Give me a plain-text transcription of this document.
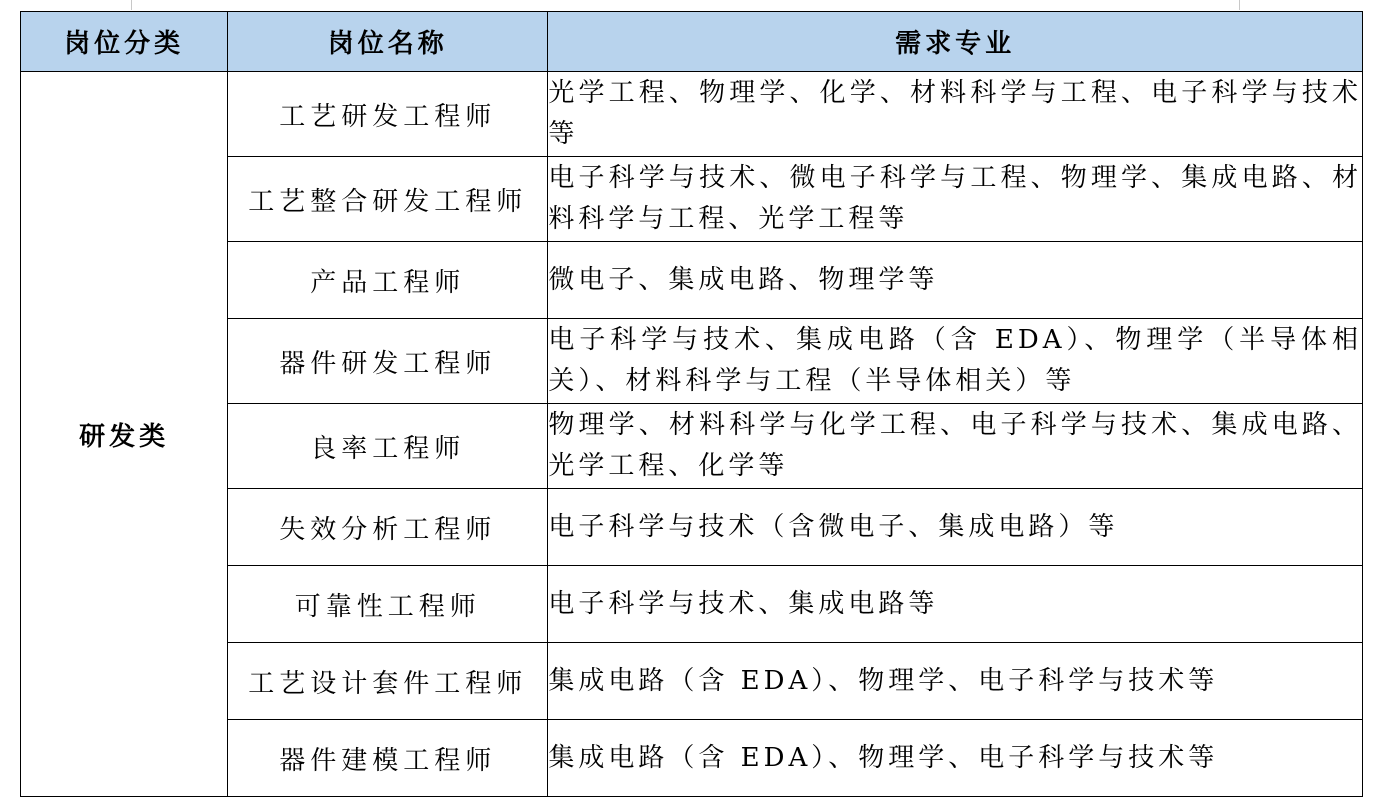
岗位分类	岗位名称	需求专业
研发类	工艺研发工程师	光学工程、物理学、化学、材料科学与工程、电子科学与技术等
	工艺整合研发工程师	电子科学与技术、微电子科学与工程、物理学、集成电路、材料科学与工程、光学工程等
	产品工程师	微电子、集成电路、物理学等
	器件研发工程师	电子科学与技术、集成电路（含 EDA）、物理学（半导体相关）、材料科学与工程（半导体相关）等
	良率工程师	物理学、材料科学与化学工程、电子科学与技术、集成电路、光学工程、化学等
	失效分析工程师	电子科学与技术（含微电子、集成电路）等
	可靠性工程师	电子科学与技术、集成电路等
	工艺设计套件工程师	集成电路（含 EDA）、物理学、电子科学与技术等
	器件建模工程师	集成电路（含 EDA）、物理学、电子科学与技术等
